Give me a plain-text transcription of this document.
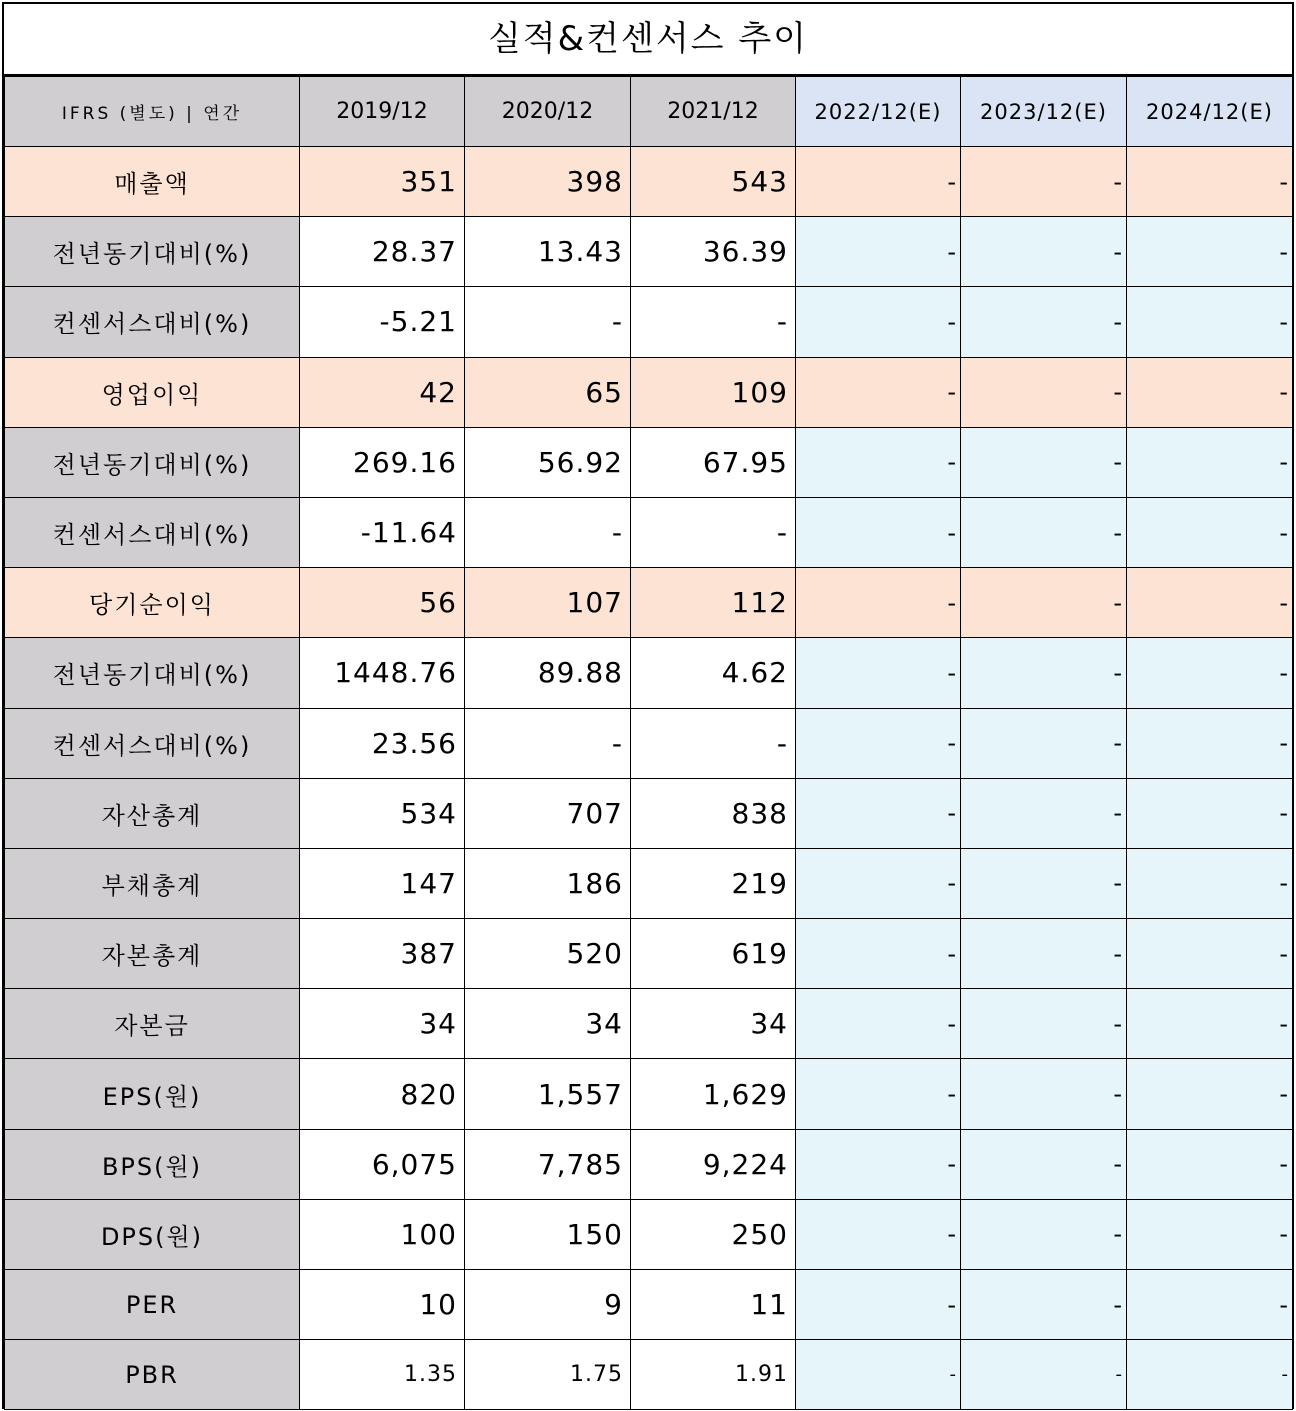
실적&컨센서스 추이
IFRS (별도) | 연간	2019/12	2020/12	2021/12	2022/12(E)	2023/12(E)	2024/12(E)
매출액	351	398	543	-	-	-
전년동기대비(%)	28.37	13.43	36.39	-	-	-
컨센서스대비(%)	-5.21	-	-	-	-	-
영업이익	42	65	109	-	-	-
전년동기대비(%)	269.16	56.92	67.95	-	-	-
컨센서스대비(%)	-11.64	-	-	-	-	-
당기순이익	56	107	112	-	-	-
전년동기대비(%)	1448.76	89.88	4.62	-	-	-
컨센서스대비(%)	23.56	-	-	-	-	-
자산총계	534	707	838	-	-	-
부채총계	147	186	219	-	-	-
자본총계	387	520	619	-	-	-
자본금	34	34	34	-	-	-
EPS(원)	820	1,557	1,629	-	-	-
BPS(원)	6,075	7,785	9,224	-	-	-
DPS(원)	100	150	250	-	-	-
PER	10	9	11	-	-	-
PBR	1.35	1.75	1.91	-	-	-
